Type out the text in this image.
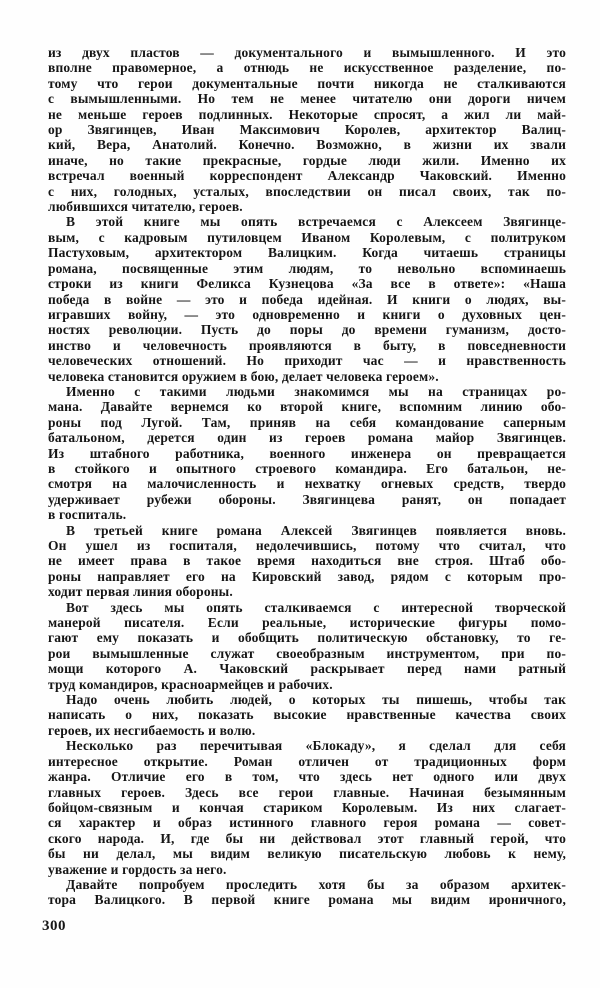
из двух пластов — документального и вымышленного. И это
вполне правомерное, а отнюдь не искусственное разделение, по-
тому что герои документальные почти никогда не сталкиваются
с вымышленными. Но тем не менее читателю они дороги ничем
не меньше героев подлинных. Некоторые спросят, а жил ли май-
ор Звягинцев, Иван Максимович Королев, архитектор Валиц-
кий, Вера, Анатолий. Конечно. Возможно, в жизни их звали
иначе, но такие прекрасные, гордые люди жили. Именно их
встречал военный корреспондент Александр Чаковский. Именно
с них, голодных, усталых, впоследствии он писал своих, так по-
любившихся читателю, героев.
В этой книге мы опять встречаемся с Алексеем Звягинце-
вым, с кадровым путиловцем Иваном Королевым, с политруком
Пастуховым, архитектором Валицким. Когда читаешь страницы
романа, посвященные этим людям, то невольно вспоминаешь
строки из книги Феликса Кузнецова «За все в ответе»: «Наша
победа в войне — это и победа идейная. И книги о людях, вы-
игравших войну, — это одновременно и книги о духовных цен-
ностях революции. Пусть до поры до времени гуманизм, досто-
инство и человечность проявляются в быту, в повседневности
человеческих отношений. Но приходит час — и нравственность
человека становится оружием в бою, делает человека героем».
Именно с такими людьми знакомимся мы на страницах ро-
мана. Давайте вернемся ко второй книге, вспомним линию обо-
роны под Лугой. Там, приняв на себя командование саперным
батальоном, дерется один из героев романа майор Звягинцев.
Из штабного работника, военного инженера он превращается
в стойкого и опытного строевого командира. Его батальон, не-
смотря на малочисленность и нехватку огневых средств, твердо
удерживает рубежи обороны. Звягинцева ранят, он попадает
в госпиталь.
В третьей книге романа Алексей Звягинцев появляется вновь.
Он ушел из госпиталя, недолечившись, потому что считал, что
не имеет права в такое время находиться вне строя. Штаб обо-
роны направляет его на Кировский завод, рядом с которым про-
ходит первая линия обороны.
Вот здесь мы опять сталкиваемся с интересной творческой
манерой писателя. Если реальные, исторические фигуры помо-
гают ему показать и обобщить политическую обстановку, то ге-
рои вымышленные служат своеобразным инструментом, при по-
мощи которого А. Чаковский раскрывает перед нами ратный
труд командиров, красноармейцев и рабочих.
Надо очень любить людей, о которых ты пишешь, чтобы так
написать о них, показать высокие нравственные качества своих
героев, их несгибаемость и волю.
Несколько раз перечитывая «Блокаду», я сделал для себя
интересное открытие. Роман отличен от традиционных форм
жанра. Отличие его в том, что здесь нет одного или двух
главных героев. Здесь все герои главные. Начиная безымянным
бойцом-связным и кончая стариком Королевым. Из них слагает-
ся характер и образ истинного главного героя романа — совет-
ского народа. И, где бы ни действовал этот главный герой, что
бы ни делал, мы видим великую писательскую любовь к нему,
уважение и гордость за него.
Давайте попробуем проследить хотя бы за образом архитек-
тора Валицкого. В первой книге романа мы видим ироничного,
300
